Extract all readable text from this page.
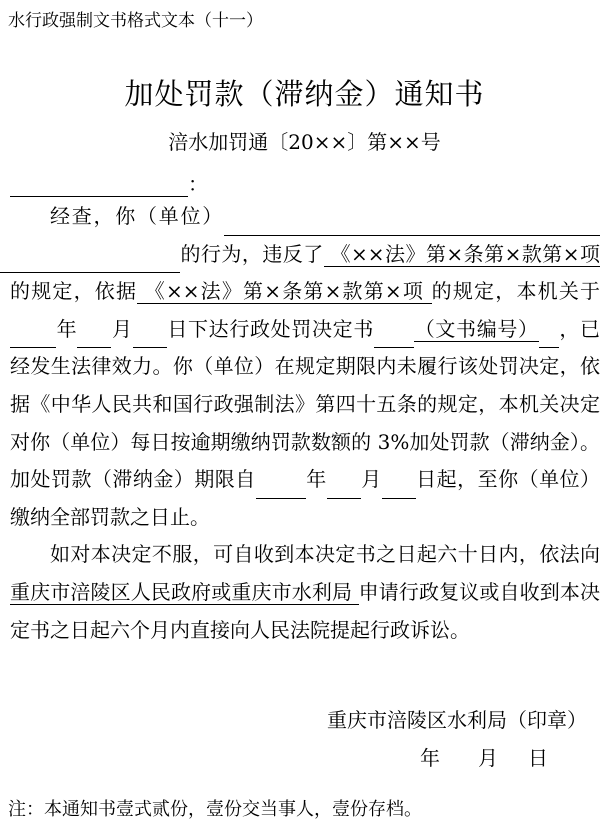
水行政强制文书格式文本（十一）
加处罚款（滞纳金）通知书
涪水加罚通〔20××〕第××号
：

经查，你（单位）的行为，违反了 《××法》第×条第×款第×项 的规定，依据 《××法》第×条第×款第×项 的规定，本机关于年 月 日下达行政处罚决定书 （文书编号） ，已经发生法律效力。你（单位）在规定期限内未履行该处罚决定，依据《中华人民共和国行政强制法》第四十五条的规定，本机关决定对你（单位）每日按逾期缴纳罚款数额的 3%加处罚款（滞纳金）。加处罚款（滞纳金）期限自	年 月 日起，至你（单位）缴纳全部罚款之日止。

如对本决定不服，可自收到本决定书之日起六十日内，依法向 重庆市涪陵区人民政府或重庆市水利局 申请行政复议或自收到本决定书之日起六个月内直接向人民法院提起行政诉讼。

重庆市涪陵区水利局（印章）
年 月 日
注：本通知书壹式贰份，壹份交当事人，壹份存档。
